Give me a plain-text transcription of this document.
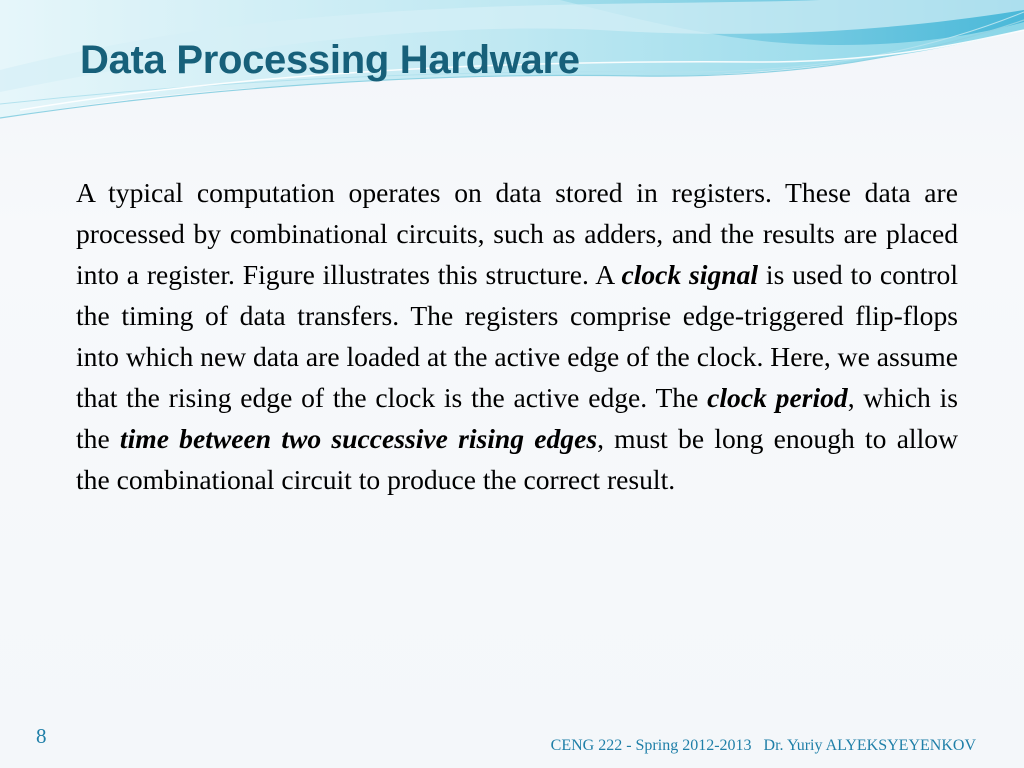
Data Processing Hardware

A typical computation operates on data stored in registers. These data are processed by combinational circuits, such as adders, and the results are placed into a register. Figure illustrates this structure. A clock signal is used to control the timing of data transfers. The registers comprise edge-triggered flip-flops into which new data are loaded at the active edge of the clock. Here, we assume that the rising edge of the clock is the active edge. The clock period, which is the time between two successive rising edges, must be long enough to allow the combinational circuit to produce the correct result.

8	CENG 222 - Spring 2012-2013 Dr. Yuriy ALYEKSYEYENKOV
